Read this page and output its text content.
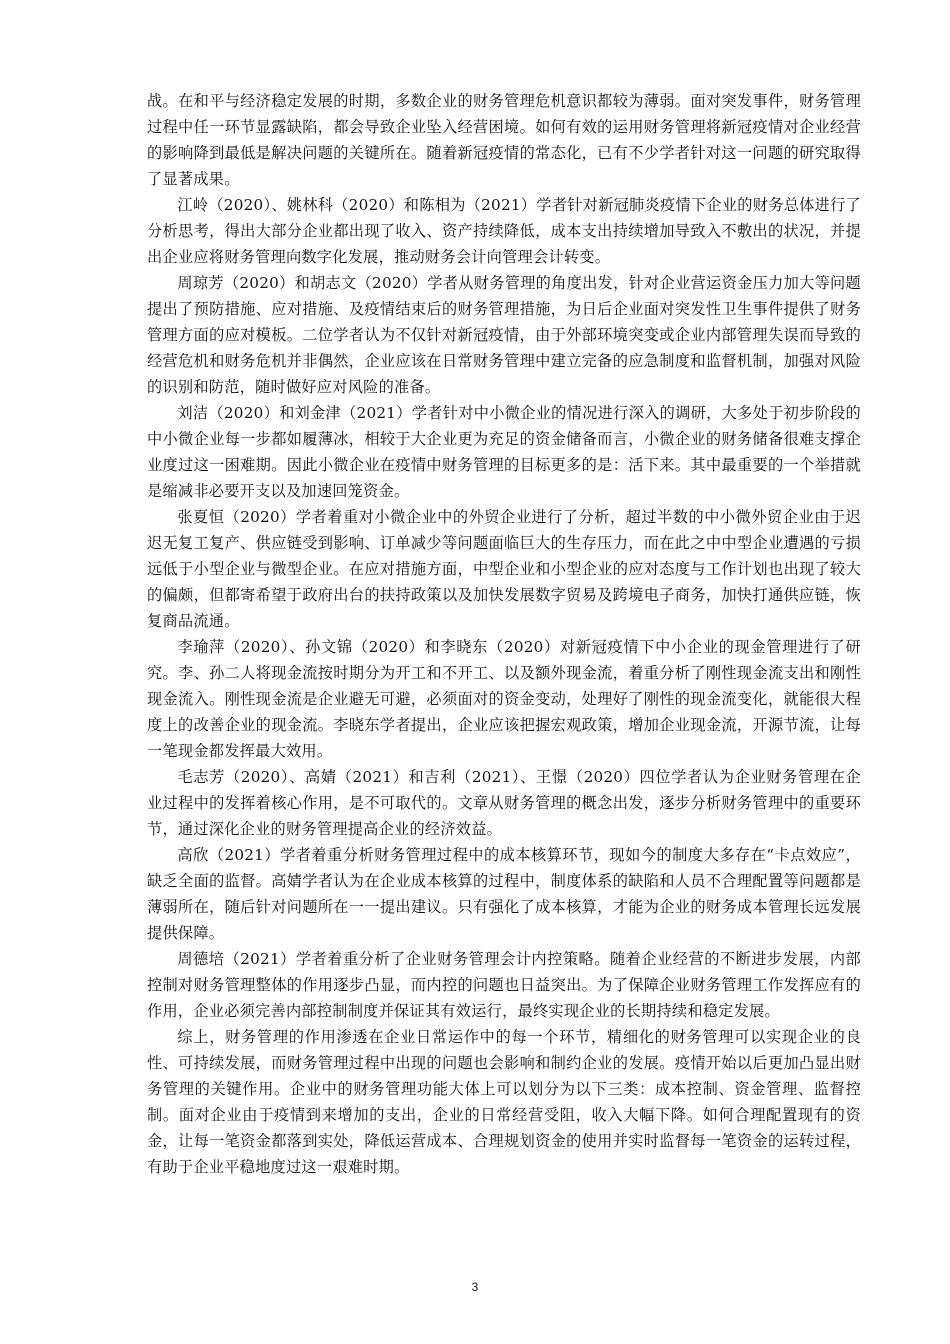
战。在和平与经济稳定发展的时期，多数企业的财务管理危机意识都较为薄弱。面对突发事件，财务管理过程中任一环节显露缺陷，都会导致企业坠入经营困境。如何有效的运用财务管理将新冠疫情对企业经营的影响降到最低是解决问题的关键所在。随着新冠疫情的常态化，已有不少学者针对这一问题的研究取得了显著成果。

江岭（2020）、姚林科（2020）和陈相为（2021）学者针对新冠肺炎疫情下企业的财务总体进行了分析思考，得出大部分企业都出现了收入、资产持续降低，成本支出持续增加导致入不敷出的状况，并提出企业应将财务管理向数字化发展，推动财务会计向管理会计转变。

周琼芳（2020）和胡志文（2020）学者从财务管理的角度出发，针对企业营运资金压力加大等问题提出了预防措施、应对措施、及疫情结束后的财务管理措施，为日后企业面对突发性卫生事件提供了财务管理方面的应对模板。二位学者认为不仅针对新冠疫情，由于外部环境突变或企业内部管理失误而导致的经营危机和财务危机并非偶然，企业应该在日常财务管理中建立完备的应急制度和监督机制，加强对风险的识别和防范，随时做好应对风险的准备。

刘洁（2020）和刘金津（2021）学者针对中小微企业的情况进行深入的调研，大多处于初步阶段的中小微企业每一步都如履薄冰，相较于大企业更为充足的资金储备而言，小微企业的财务储备很难支撑企业度过这一困难期。因此小微企业在疫情中财务管理的目标更多的是：活下来。其中最重要的一个举措就是缩减非必要开支以及加速回笼资金。

张夏恒（2020）学者着重对小微企业中的外贸企业进行了分析，超过半数的中小微外贸企业由于迟迟无复工复产、供应链受到影响、订单减少等问题面临巨大的生存压力，而在此之中中型企业遭遇的亏损远低于小型企业与微型企业。在应对措施方面，中型企业和小型企业的应对态度与工作计划也出现了较大的偏颇，但都寄希望于政府出台的扶持政策以及加快发展数字贸易及跨境电子商务，加快打通供应链，恢复商品流通。

李瑜萍（2020）、孙文锦（2020）和李晓东（2020）对新冠疫情下中小企业的现金管理进行了研究。李、孙二人将现金流按时期分为开工和不开工、以及额外现金流，着重分析了刚性现金流支出和刚性现金流入。刚性现金流是企业避无可避，必须面对的资金变动，处理好了刚性的现金流变化，就能很大程度上的改善企业的现金流。李晓东学者提出，企业应该把握宏观政策，增加企业现金流，开源节流，让每一笔现金都发挥最大效用。

毛志芳（2020）、高婧（2021）和吉利（2021）、王憬（2020）四位学者认为企业财务管理在企业过程中的发挥着核心作用，是不可取代的。文章从财务管理的概念出发，逐步分析财务管理中的重要环节，通过深化企业的财务管理提高企业的经济效益。

高欣（2021）学者着重分析财务管理过程中的成本核算环节，现如今的制度大多存在“卡点效应”，缺乏全面的监督。高婧学者认为在企业成本核算的过程中，制度体系的缺陷和人员不合理配置等问题都是薄弱所在，随后针对问题所在一一提出建议。只有强化了成本核算，才能为企业的财务成本管理长远发展提供保障。

周德培（2021）学者着重分析了企业财务管理会计内控策略。随着企业经营的不断进步发展，内部控制对财务管理整体的作用逐步凸显，而内控的问题也日益突出。为了保障企业财务管理工作发挥应有的作用，企业必须完善内部控制制度并保证其有效运行，最终实现企业的长期持续和稳定发展。

综上，财务管理的作用渗透在企业日常运作中的每一个环节，精细化的财务管理可以实现企业的良性、可持续发展，而财务管理过程中出现的问题也会影响和制约企业的发展。疫情开始以后更加凸显出财务管理的关键作用。企业中的财务管理功能大体上可以划分为以下三类：成本控制、资金管理、监督控制。面对企业由于疫情到来增加的支出，企业的日常经营受阻，收入大幅下降。如何合理配置现有的资金，让每一笔资金都落到实处，降低运营成本、合理规划资金的使用并实时监督每一笔资金的运转过程，有助于企业平稳地度过这一艰难时期。

3
